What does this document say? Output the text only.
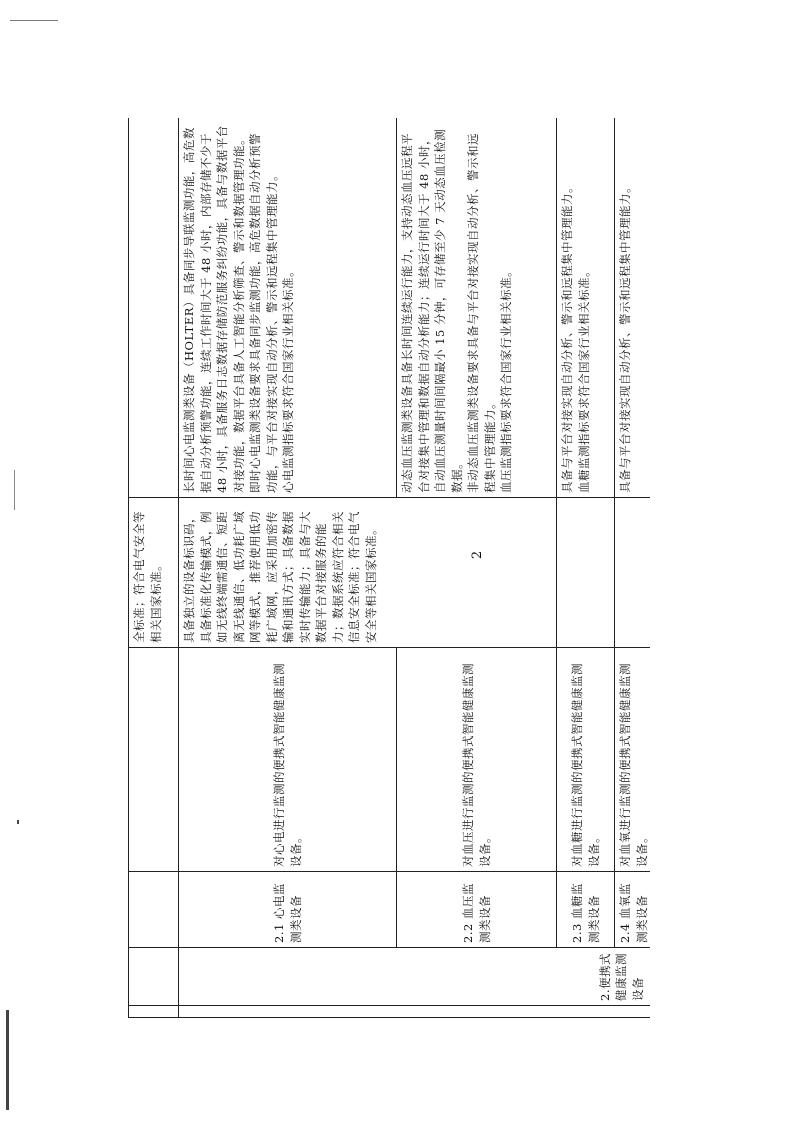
2
				全标准；符合电气安全等相关国家标准。	
	2.便携式健康监测设备	2.1 心电监测类设备	对心电进行监测的便携式智能健康监测设备。	具备独立的设备标识码，具备标准化传输模式，例如无线终端需通信、短距离无线通信、低功耗广域网等模式，推荐使用低功耗广域网，应采用加密传输和通讯方式；具备数据实时传输能力；具备与大数据平台对接服务的能力；数据系统应符合相关信息安全标准；符合电气安全等相关国家标准。	长时间心电监测类设备（HOLTER）具备同步导联监测功能，高危数据自动分析预警功能，连续工作时间大于 48 小时，内部存储不少于 48 小时，具备服务日志数据存储防范服务纠纷功能，具备与数据平台对接功能，数据平台具备人工智能分析筛查、警示和数据管理功能。
即时心电监测类设备要求具备同步监测功能，高危数据自动分析预警功能，与平台对接实现自动分析、警示和远程集中管理能力。
心电监测指标要求符合国家行业相关标准。
		2.2 血压监测类设备	对血压进行监测的便携式智能健康监测设备。		动态血压监测类设备具备长时间连续运行能力，支持动态血压远程平台对接集中管理和数据自动分析能力；连续运行时间大于 48 小时，自动血压测量时间间隔最小 15 分钟，可存储至少 7 天动态血压检测数据。
非动态血压监测类设备要求具备与平台对接实现自动分析、警示和远程集中管理能力。
血压监测指标要求符合国家行业相关标准。
		2.3 血糖监测类设备	对血糖进行监测的便携式智能健康监测设备。		具备与平台对接实现自动分析、警示和远程集中管理能力。
血糖监测指标要求符合国家行业相关标准。
		2.4 血氧监测类设备	对血氧进行监测的便携式智能健康监测设备。		具备与平台对接实现自动分析、警示和远程集中管理能力。
